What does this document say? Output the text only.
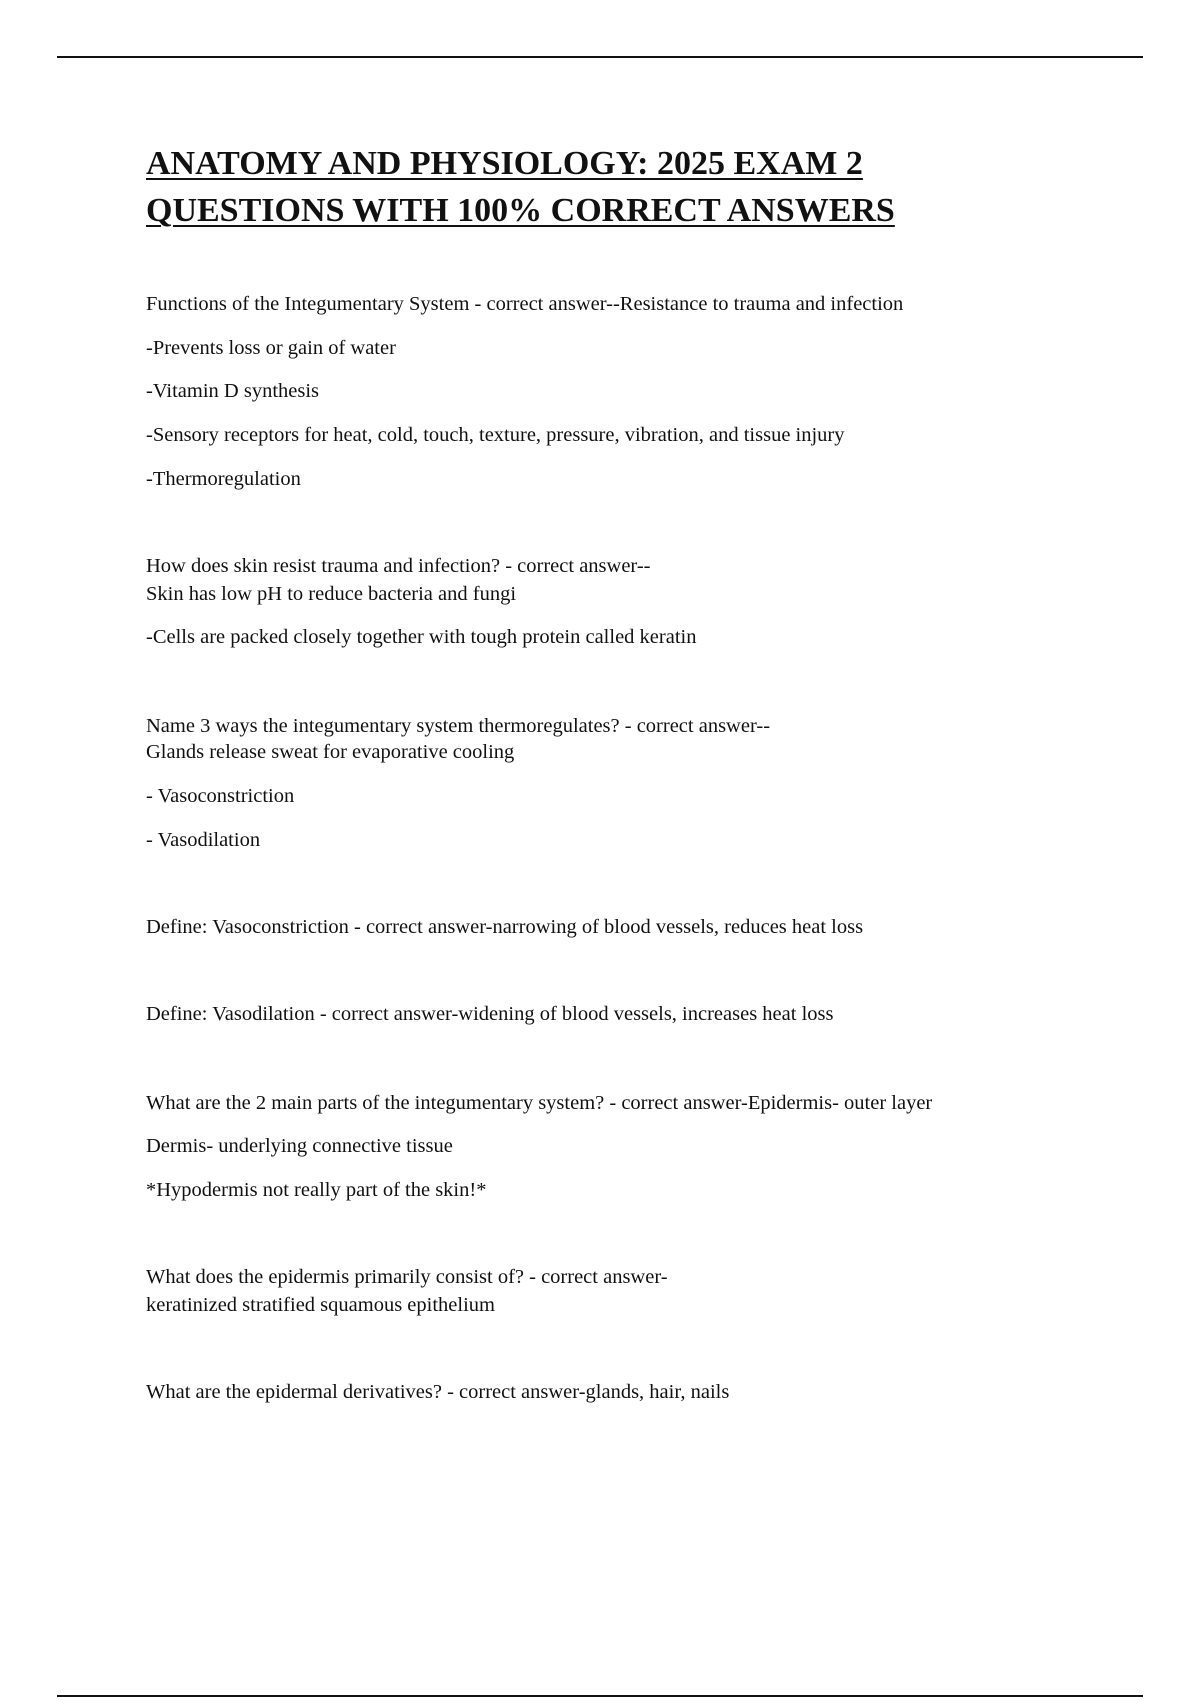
ANATOMY AND PHYSIOLOGY: 2025 EXAM 2
QUESTIONS WITH 100% CORRECT ANSWERS
Functions of the Integumentary System - correct answer--Resistance to trauma and infection
-Prevents loss or gain of water
-Vitamin D synthesis
-Sensory receptors for heat, cold, touch, texture, pressure, vibration, and tissue injury
-Thermoregulation
How does skin resist trauma and infection? - correct answer--
Skin has low pH to reduce bacteria and fungi
-Cells are packed closely together with tough protein called keratin
Name 3 ways the integumentary system thermoregulates? - correct answer--
Glands release sweat for evaporative cooling
- Vasoconstriction
- Vasodilation
Define: Vasoconstriction - correct answer-narrowing of blood vessels, reduces heat loss
Define: Vasodilation - correct answer-widening of blood vessels, increases heat loss
What are the 2 main parts of the integumentary system? - correct answer-Epidermis- outer layer
Dermis- underlying connective tissue
*Hypodermis not really part of the skin!*
What does the epidermis primarily consist of? - correct answer-
keratinized stratified squamous epithelium
What are the epidermal derivatives? - correct answer-glands, hair, nails
